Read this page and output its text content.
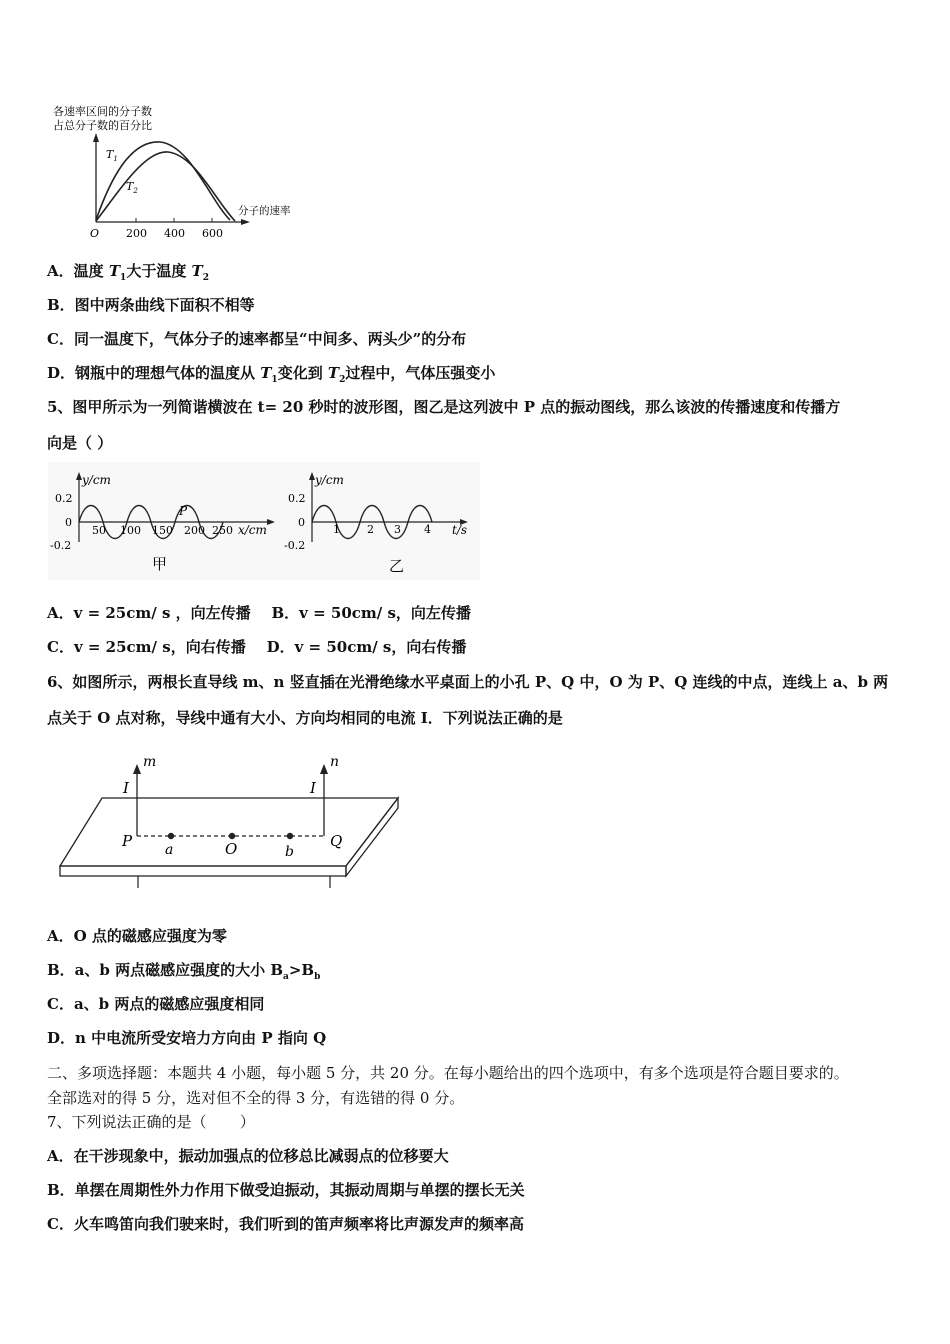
各速率区间的分子数
占总分子数的百分比
$T_1$
$T_2$
分子的速率
O 200 400 600
A．温度 $T_1$大于温度 $T_2$
B．图中两条曲线下面积不相等
C．同一温度下，气体分子的速率都呈“中间多、两头少”的分布
D．钢瓶中的理想气体的温度从 $T_1$变化到 $T_2$过程中，气体压强变小
5、图甲所示为一列简谐横波在 t= 20 秒时的波形图，图乙是这列波中 P 点的振动图线，那么该波的传播速度和传播方
向是（ ）
y/cm
0.2
0
-0.2
50 100 150 200 250 x/cm
P
甲
y/cm
0.2
0
-0.2
1 2 3 4 t/s
乙
A．v = 25cm/ s ，向左传播    B．v = 50cm/ s，向左传播
C．v = 25cm/ s，向右传播    D．v = 50cm/ s，向右传播
6、如图所示，两根长直导线 m、n 竖直插在光滑绝缘水平桌面上的小孔 P、Q 中，O 为 P、Q 连线的中点，连线上 a、b 两
点关于 O 点对称，导线中通有大小、方向均相同的电流 I．下列说法正确的是
I
m
I
n
P a	O	b
Q
A．O 点的磁感应强度为零
B．a、b 两点磁感应强度的大小 $B_a>B_b$
C．a、b 两点的磁感应强度相同
D．n 中电流所受安培力方向由 P 指向 Q
二、多项选择题：本题共 4 小题，每小题 5 分，共 20 分。在每小题给出的四个选项中，有多个选项是符合题目要求的。
全部选对的得 5 分，选对但不全的得 3 分，有选错的得 0 分。
7、下列说法正确的是（       ）
A．在干涉现象中，振动加强点的位移总比减弱点的位移要大
B．单摆在周期性外力作用下做受迫振动，其振动周期与单摆的摆长无关
C．火车鸣笛向我们驶来时，我们听到的笛声频率将比声源发声的频率高
